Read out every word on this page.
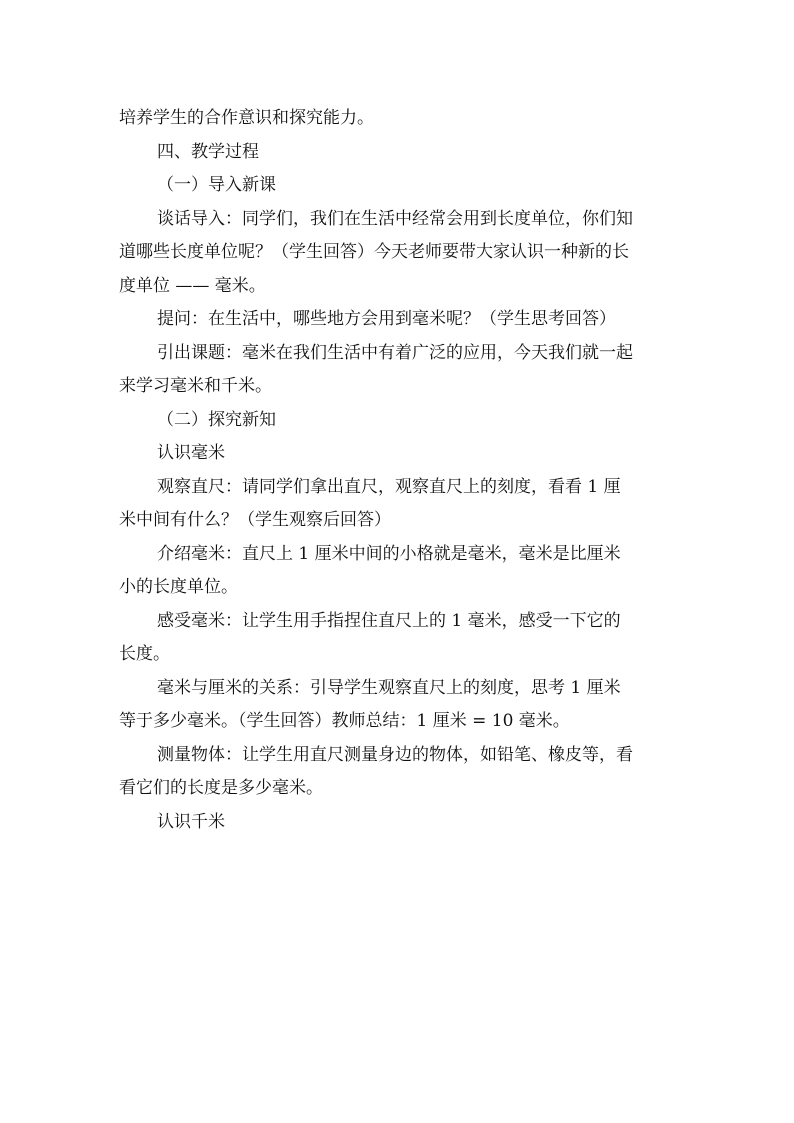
培养学生的合作意识和探究能力。

四、教学过程

（一）导入新课

谈话导入：同学们，我们在生活中经常会用到长度单位，你们知
道哪些长度单位呢？（学生回答）今天老师要带大家认识一种新的长
度单位 —— 毫米。

提问：在生活中，哪些地方会用到毫米呢？（学生思考回答）

引出课题：毫米在我们生活中有着广泛的应用，今天我们就一起
来学习毫米和千米。

（二）探究新知

认识毫米

观察直尺：请同学们拿出直尺，观察直尺上的刻度，看看 1 厘
米中间有什么？（学生观察后回答）

介绍毫米：直尺上 1 厘米中间的小格就是毫米，毫米是比厘米
小的长度单位。

感受毫米：让学生用手指捏住直尺上的 1 毫米，感受一下它的
长度。

毫米与厘米的关系：引导学生观察直尺上的刻度，思考 1 厘米
等于多少毫米。（学生回答）教师总结：1 厘米 = 10 毫米。

测量物体：让学生用直尺测量身边的物体，如铅笔、橡皮等，看
看它们的长度是多少毫米。

认识千米
